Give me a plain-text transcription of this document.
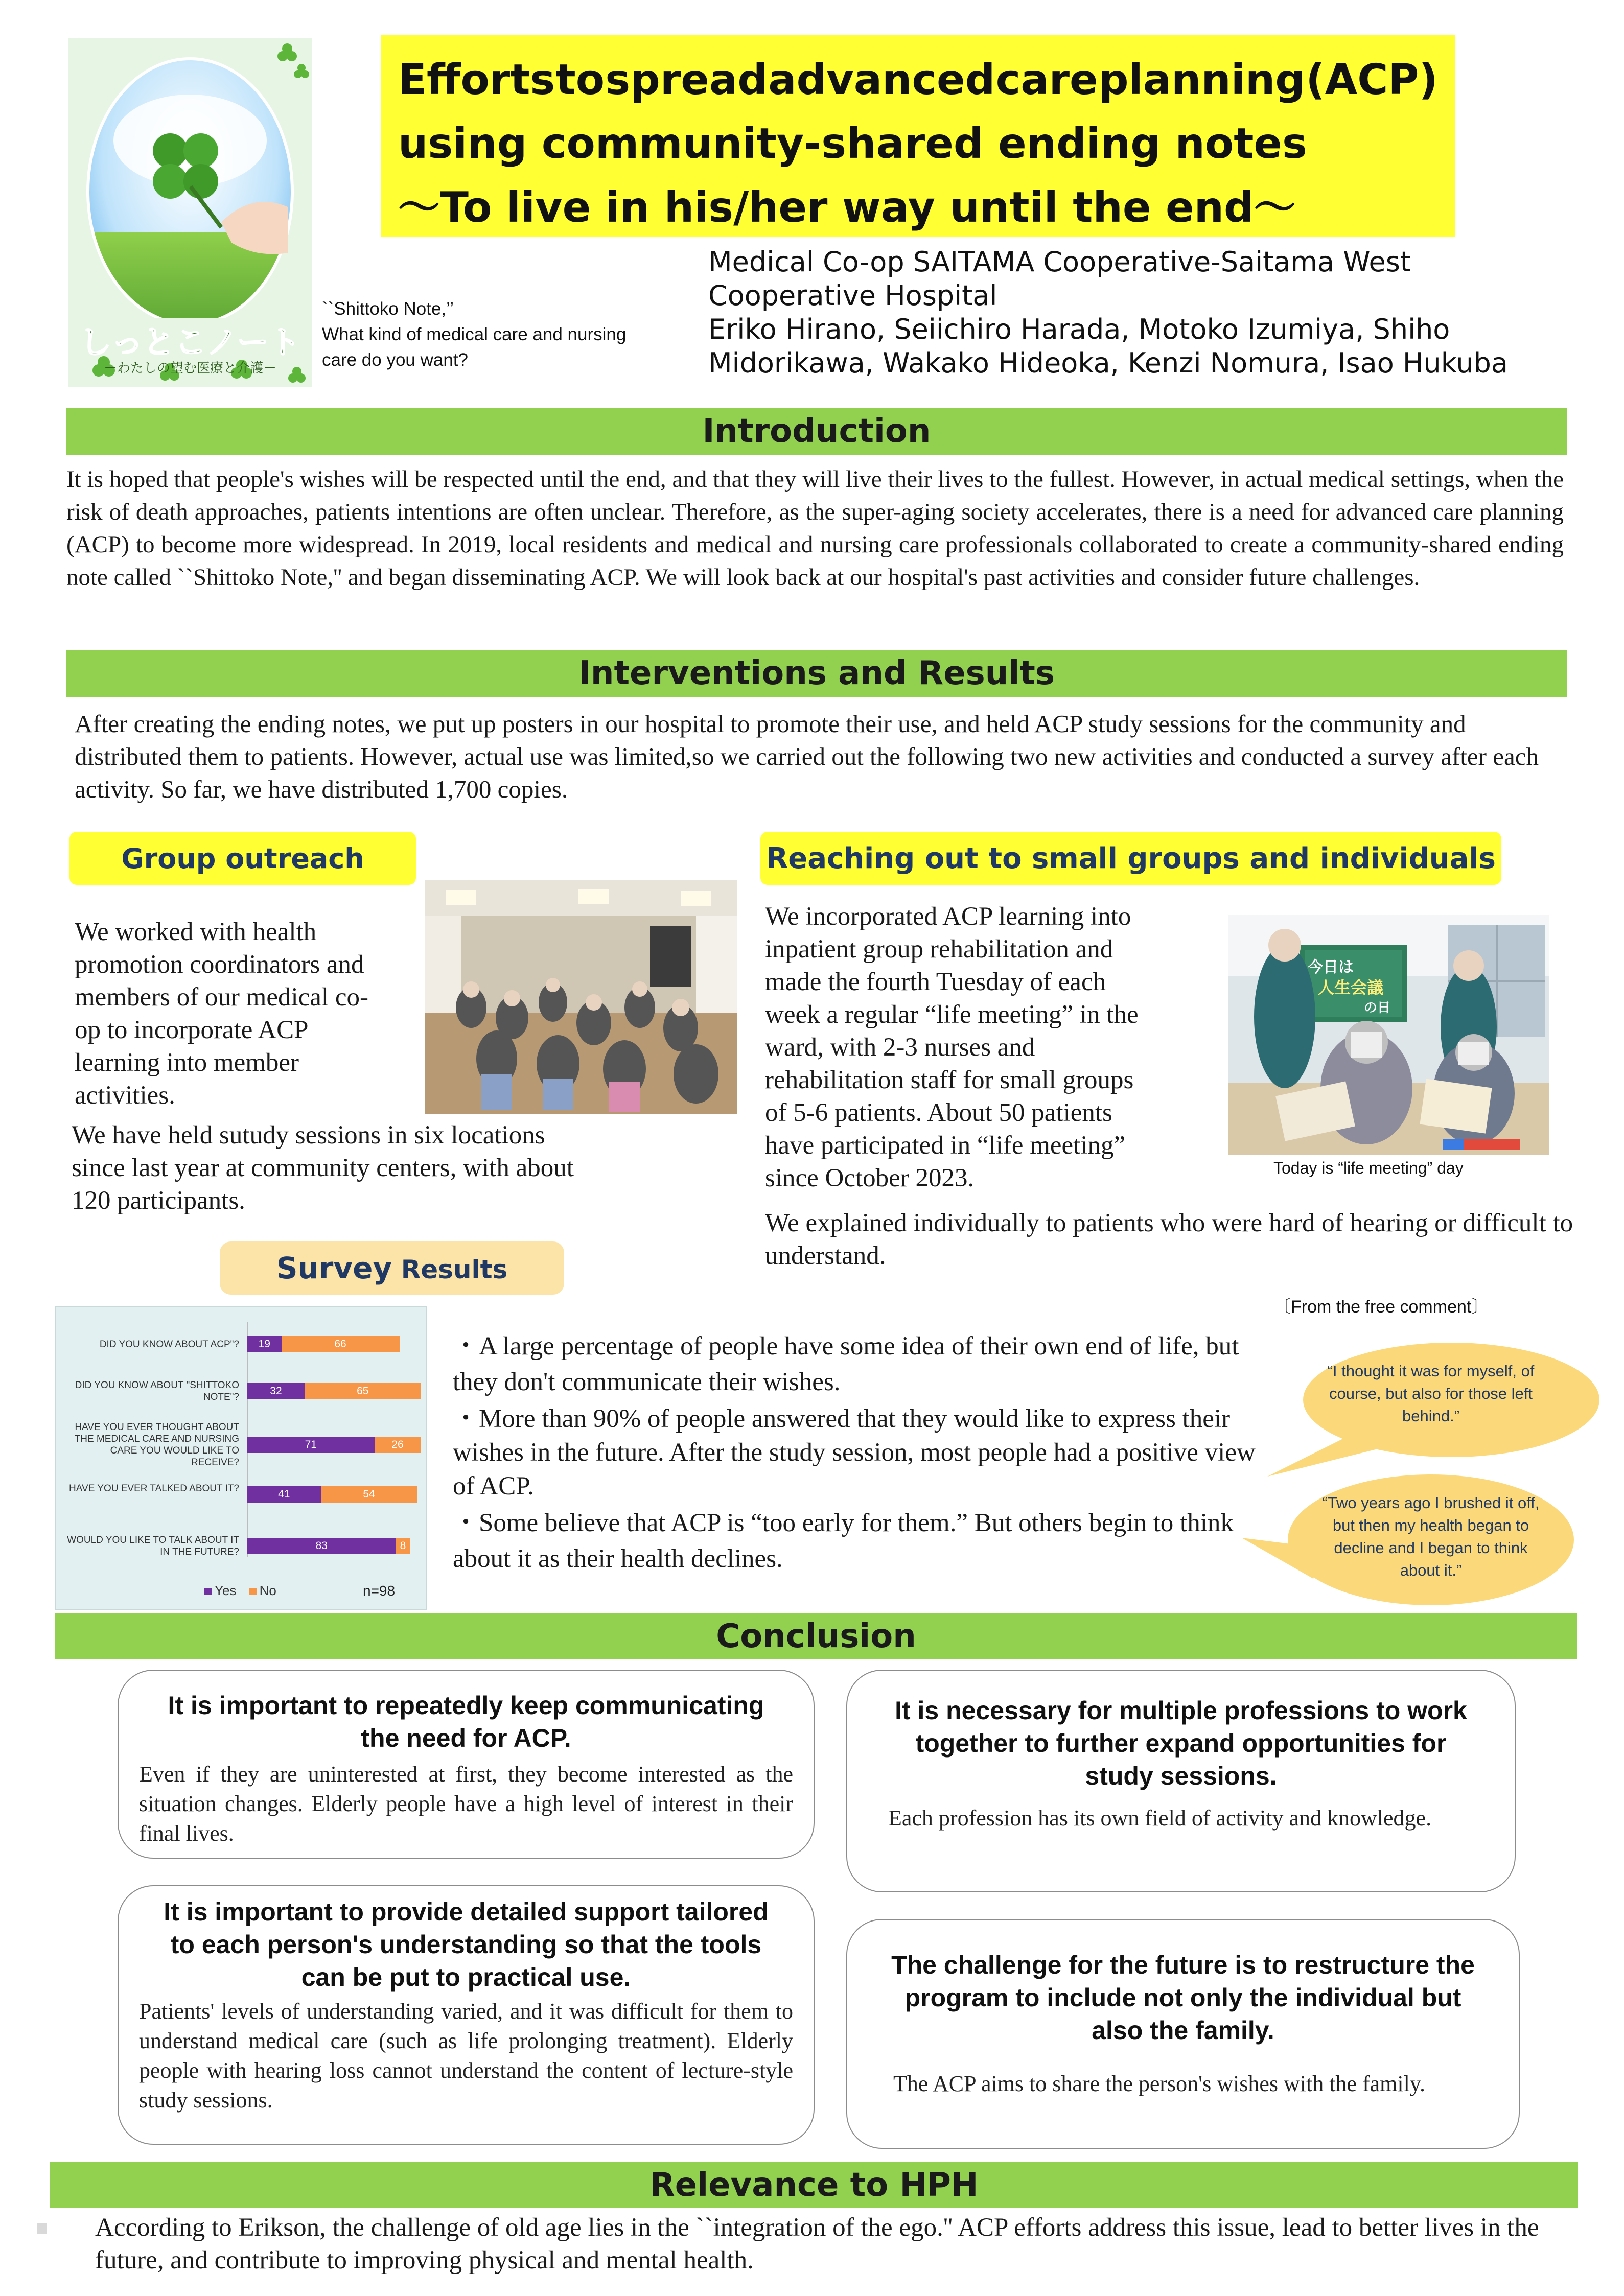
しっとこノート
－わたしの望む医療と介護－
``Shittoko Note,’’
What kind of medical care and nursing
care do you want?
Efforts to spread advanced care planning (ACP)
using community-shared ending notes
～To live in his/her way until the end～
Medical Co-op SAITAMA Cooperative-Saitama West
Cooperative Hospital
Eriko Hirano, Seiichiro Harada, Motoko Izumiya, Shiho
Midorikawa, Wakako Hideoka, Kenzi Nomura, Isao Hukuba
Introduction
It is hoped that people's wishes will be respected until the end, and that they will live their lives to the fullest. However, in actual medical settings, when the risk of death approaches, patients intentions are often unclear. Therefore, as the super-aging society accelerates, there is a need for advanced care planning (ACP) to become more widespread. In 2019, local residents and medical and nursing care professionals collaborated to create a community-shared ending note called ``Shittoko Note,'' and began disseminating ACP. We will look back at our hospital's past activities and consider future challenges.
Interventions and Results
After creating the ending notes, we put up posters in our hospital to promote their use, and held ACP study sessions for the community and distributed them to patients. However, actual use was limited,so we carried out the following two new activities and conducted a survey after each activity. So far, we have distributed 1,700 copies.
Group outreach
We worked with health
promotion coordinators and
members of our medical co-
op to incorporate ACP
learning into member
activities.
We have held sutudy sessions in six locations
since last year at community centers, with about
120 participants.
Reaching out to small groups and individuals
We incorporated ACP learning into
inpatient group rehabilitation and
made the fourth Tuesday of each
week a regular “life meeting” in the
ward, with 2-3 nurses and
rehabilitation staff for small groups
of 5-6 patients. About 50 patients
have participated in “life meeting”
since October 2023.
今日は
人生会議
の日
Today is “life meeting” day
We explained individually to patients who were hard of hearing or difficult to understand.
Survey Results
〔From the free comment〕
DID YOU KNOW ABOUT ACP"?	19	66
DID YOU KNOW ABOUT "SHITTOKO NOTE"?
32	65
HAVE YOU EVER THOUGHT ABOUT THE MEDICAL CARE AND NURSING CARE YOU WOULD LIKE TO RECEIVE?
71	26
HAVE YOU EVER TALKED ABOUT IT?	41	54
WOULD YOU LIKE TO TALK ABOUT IT IN THE FUTURE?
83	8
Yes No	n=98
・A large percentage of people have some idea of their own end of life, but they don't communicate their wishes.
・More than 90% of people answered that they would like to express their wishes in the future. After the study session, most people had a positive view of ACP.
・Some believe that ACP is “too early for them.” But others begin to think about it as their health declines.
“I thought it was for myself, of course, but also for those left behind.”
“Two years ago I brushed it off, but then my health began to decline and I began to think about it.”
Conclusion
It is important to repeatedly keep communicating the need for ACP.
Even if they are uninterested at first, they become interested as the situation changes. Elderly people have a high level of interest in their final lives.
It is necessary for multiple professions to work together to further expand opportunities for study sessions.
Each profession has its own field of activity and knowledge.
It is important to provide detailed support tailored to each person's understanding so that the tools can be put to practical use.
Patients' levels of understanding varied, and it was difficult for them to understand medical care (such as life prolonging treatment). Elderly people with hearing loss cannot understand the content of lecture-style study sessions.
The challenge for the future is to restructure the program to include not only the individual but also the family.
The ACP aims to share the person's wishes with the family.
Relevance to HPH
According to Erikson, the challenge of old age lies in the ``integration of the ego.'' ACP efforts address this issue, lead to better lives in the future, and contribute to improving physical and mental health.
